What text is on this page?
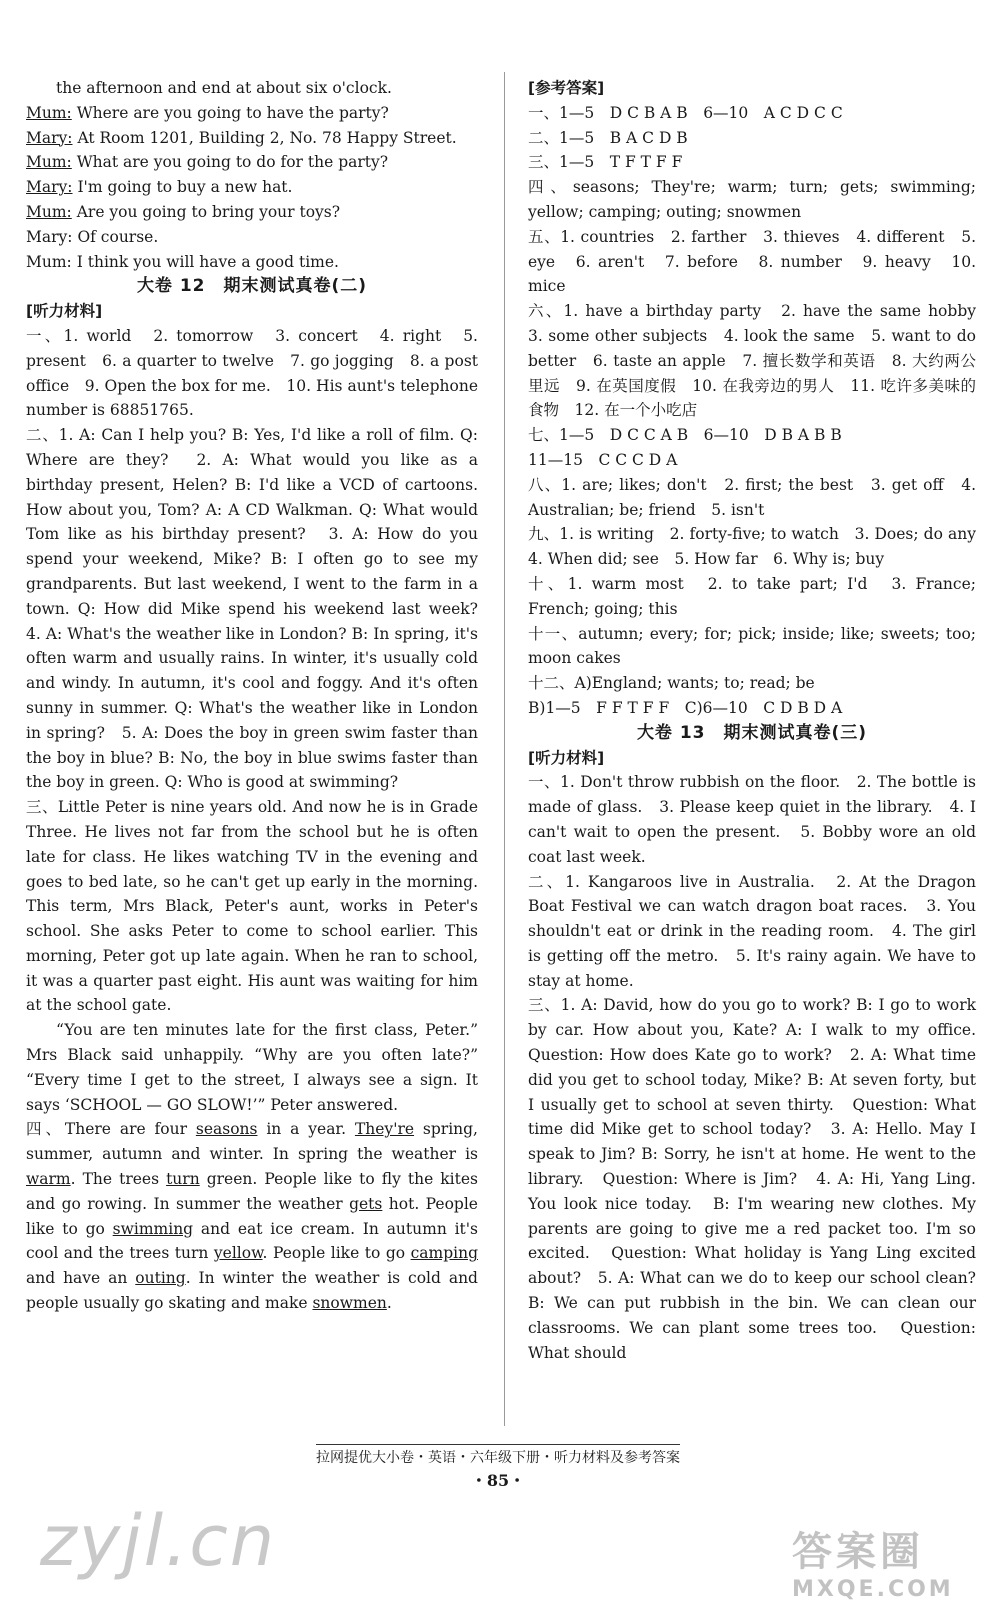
the afternoon and end at about six o'clock.

Mum: Where are you going to have the party?

Mary: At Room 1201, Building 2, No. 78 Happy Street.

Mum: What are you going to do for the party?

Mary: I'm going to buy a new hat.

Mum: Are you going to bring your toys?

Mary: Of course.

Mum: I think you will have a good time.

大卷 12　期末测试真卷(二)

[听力材料]

一、1. world　2. tomorrow　3. concert　4. right　5. present　6. a quarter to twelve　7. go jogging　8. a post office　9. Open the box for me.　10. His aunt's telephone number is 68851765.

二、1. A: Can I help you? B: Yes, I'd like a roll of film. Q: Where are they?　2. A: What would you like as a birthday present, Helen? B: I'd like a VCD of cartoons. How about you, Tom? A: A CD Walkman. Q: What would Tom like as his birthday present?　3. A: How do you spend your weekend, Mike? B: I often go to see my grandparents. But last weekend, I went to the farm in a town. Q: How did Mike spend his weekend last week?　4. A: What's the weather like in London? B: In spring, it's often warm and usually rains. In winter, it's usually cold and windy. In autumn, it's cool and foggy. And it's often sunny in summer. Q: What's the weather like in London in spring?　5. A: Does the boy in green swim faster than the boy in blue? B: No, the boy in blue swims faster than the boy in green. Q: Who is good at swimming?

三、Little Peter is nine years old. And now he is in Grade Three. He lives not far from the school but he is often late for class. He likes watching TV in the evening and goes to bed late, so he can't get up early in the morning. This term, Mrs Black, Peter's aunt, works in Peter's school. She asks Peter to come to school earlier. This morning, Peter got up late again. When he ran to school, it was a quarter past eight. His aunt was waiting for him at the school gate.

“You are ten minutes late for the first class, Peter.” Mrs Black said unhappily. “Why are you often late?” “Every time I get to the street, I always see a sign. It says ‘SCHOOL — GO SLOW!’” Peter answered.

四、There are four seasons in a year. They're spring, summer, autumn and winter. In spring the weather is warm. The trees turn green. People like to fly the kites and go rowing. In summer the weather gets hot. People like to go swimming and eat ice cream. In autumn it's cool and the trees turn yellow. People like to go camping and have an outing. In winter the weather is cold and people usually go skating and make snowmen.

[参考答案]

一、1—5　D C B A B　6—10　A C D C C

二、1—5　B A C D B

三、1—5　T F T F F

四、seasons; They're; warm; turn; gets; swimming; yellow; camping; outing; snowmen

五、1. countries　2. farther　3. thieves　4. different　5. eye　6. aren't　7. before　8. number　9. heavy　10. mice

六、1. have a birthday party　2. have the same hobby　3. some other subjects　4. look the same　5. want to do better　6. taste an apple　7. 擅长数学和英语　8. 大约两公里远　9. 在英国度假　10. 在我旁边的男人　11. 吃许多美味的食物　12. 在一个小吃店

七、1—5　D C C A B　6—10　D B A B B

11—15　C C C D A

八、1. are; likes; don't　2. first; the best　3. get off　4. Australian; be; friend　5. isn't

九、1. is writing　2. forty-five; to watch　3. Does; do any　4. When did; see　5. How far　6. Why is; buy

十、1. warm most　2. to take part; I'd　3. France; French; going; this

十一、autumn; every; for; pick; inside; like; sweets; too; moon cakes

十二、A)England; wants; to; read; be

B)1—5　F F T F F　C)6—10　C D B D A

大卷 13　期末测试真卷(三)

[听力材料]

一、1. Don't throw rubbish on the floor.　2. The bottle is made of glass.　3. Please keep quiet in the library.　4. I can't wait to open the present.　5. Bobby wore an old coat last week.

二、1. Kangaroos live in Australia.　2. At the Dragon Boat Festival we can watch dragon boat races.　3. You shouldn't eat or drink in the reading room.　4. The girl is getting off the metro.　5. It's rainy again. We have to stay at home.

三、1. A: David, how do you go to work? B: I go to work by car. How about you, Kate? A: I walk to my office.　Question: How does Kate go to work?　2. A: What time did you get to school today, Mike? B: At seven forty, but I usually get to school at seven thirty.　Question: What time did Mike get to school today?　3. A: Hello. May I speak to Jim? B: Sorry, he isn't at home. He went to the library.　Question: Where is Jim?　4. A: Hi, Yang Ling. You look nice today.　B: I'm wearing new clothes. My parents are going to give me a red packet too. I'm so excited.　Question: What holiday is Yang Ling excited about?　5. A: What can we do to keep our school clean? B: We can put rubbish in the bin. We can clean our classrooms. We can plant some trees too.　Question: What should

拉网提优大小卷・英语・六年级下册・听力材料及参考答案
・85・
zyjl.cn	答案圈
MXQE.COM
